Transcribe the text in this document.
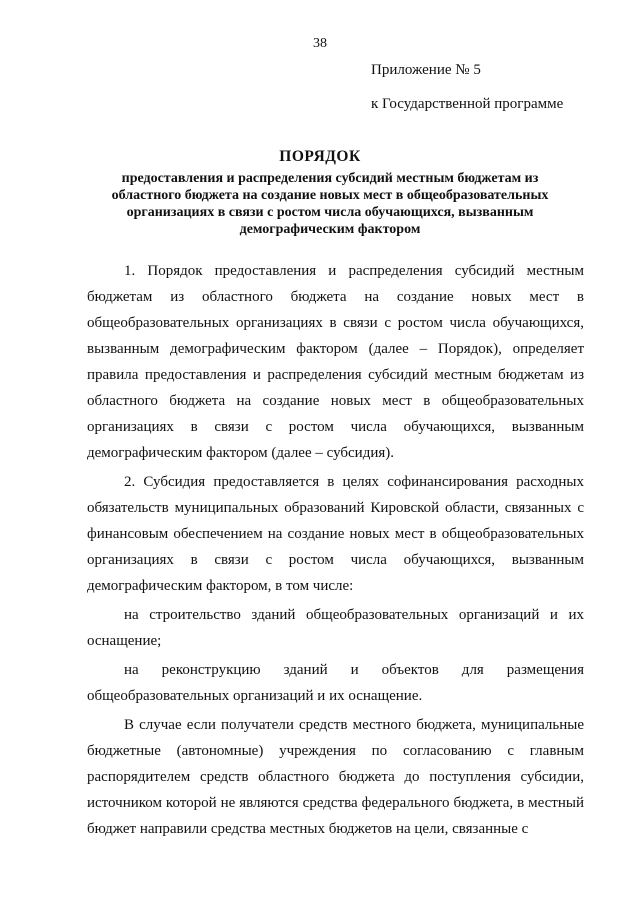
38
Приложение № 5
к Государственной программе
ПОРЯДОК
предоставления и распределения субсидий местным бюджетам из областного бюджета на создание новых мест в общеобразовательных организациях в связи с ростом числа обучающихся, вызванным демографическим фактором

1. Порядок предоставления и распределения субсидий местным бюджетам из областного бюджета на создание новых мест в общеобразовательных организациях в связи с ростом числа обучающихся, вызванным демографическим фактором (далее – Порядок), определяет правила предоставления и распределения субсидий местным бюджетам из областного бюджета на создание новых мест в общеобразовательных организациях в связи с ростом числа обучающихся, вызванным демографическим фактором (далее – субсидия).

2. Субсидия предоставляется в целях софинансирования расходных обязательств муниципальных образований Кировской области, связанных с финансовым обеспечением на создание новых мест в общеобразовательных организациях в связи с ростом числа обучающихся, вызванным демографическим фактором, в том числе:

на строительство зданий общеобразовательных организаций и их оснащение;

на реконструкцию зданий и объектов для размещения общеобразовательных организаций и их оснащение.

В случае если получатели средств местного бюджета, муниципальные бюджетные (автономные) учреждения по согласованию с главным распорядителем средств областного бюджета до поступления субсидии, источником которой не являются средства федерального бюджета, в местный бюджет направили средства местных бюджетов на цели, связанные с
